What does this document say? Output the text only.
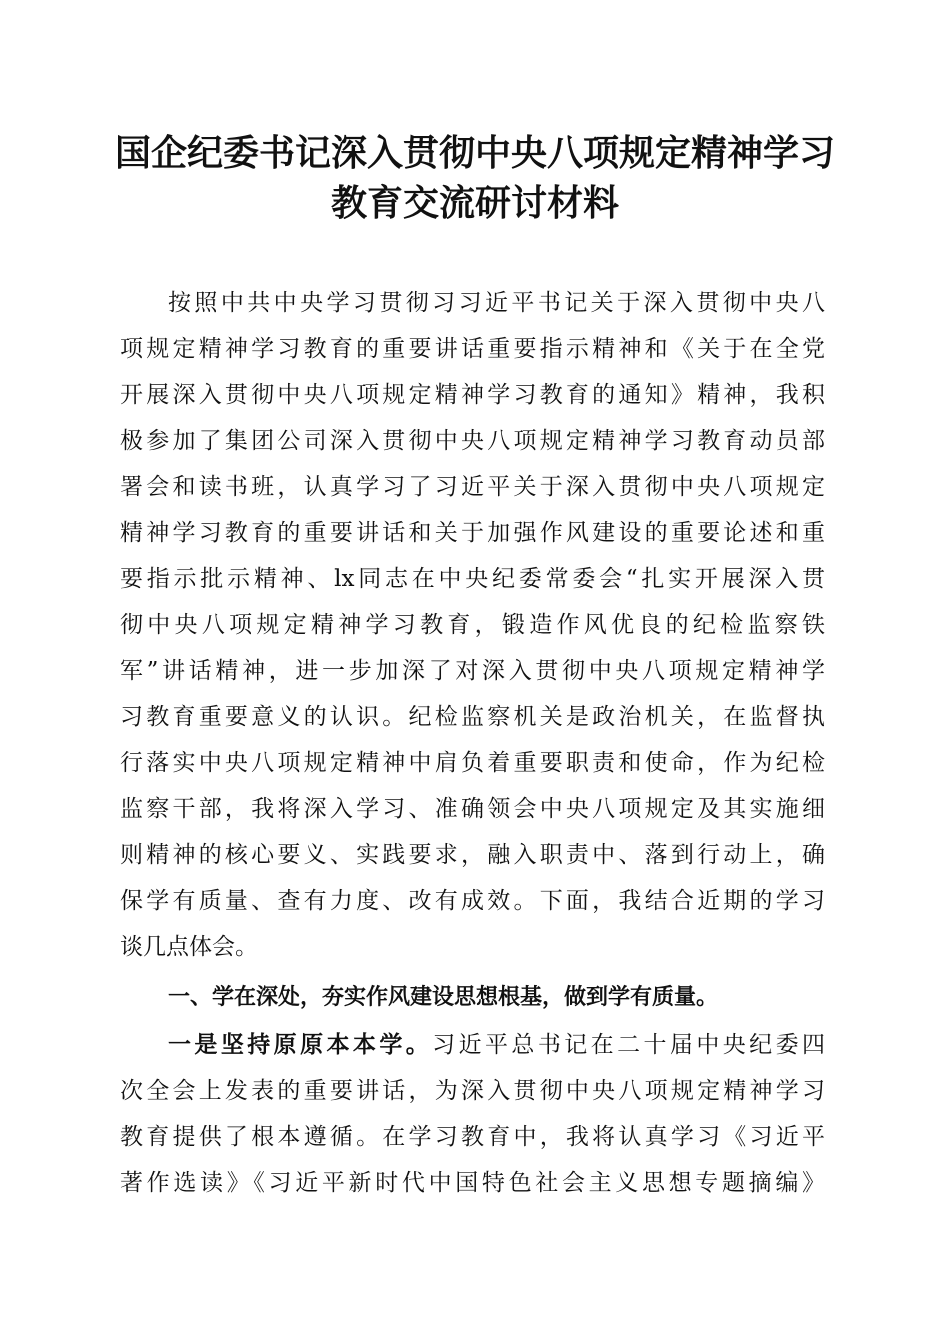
国企纪委书记深入贯彻中央八项规定精神学习
教育交流研讨材料
按照中共中央学习贯彻习习近平书记关于深入贯彻中央八
项规定精神学习教育的重要讲话重要指示精神和《关于在全党
开展深入贯彻中央八项规定精神学习教育的通知》精神，我积
极参加了集团公司深入贯彻中央八项规定精神学习教育动员部
署会和读书班，认真学习了习近平关于深入贯彻中央八项规定
精神学习教育的重要讲话和关于加强作风建设的重要论述和重
要指示批示精神、lx同志在中央纪委常委会“扎实开展深入贯
彻中央八项规定精神学习教育，锻造作风优良的纪检监察铁
军”讲话精神，进一步加深了对深入贯彻中央八项规定精神学
习教育重要意义的认识。纪检监察机关是政治机关，在监督执
行落实中央八项规定精神中肩负着重要职责和使命，作为纪检
监察干部，我将深入学习、准确领会中央八项规定及其实施细
则精神的核心要义、实践要求，融入职责中、落到行动上，确
保学有质量、查有力度、改有成效。下面，我结合近期的学习
谈几点体会。
一、学在深处，夯实作风建设思想根基，做到学有质量。
一是坚持原原本本学。习近平总书记在二十届中央纪委四
次全会上发表的重要讲话，为深入贯彻中央八项规定精神学习
教育提供了根本遵循。在学习教育中，我将认真学习《习近平
著作选读》《习近平新时代中国特色社会主义思想专题摘编》
